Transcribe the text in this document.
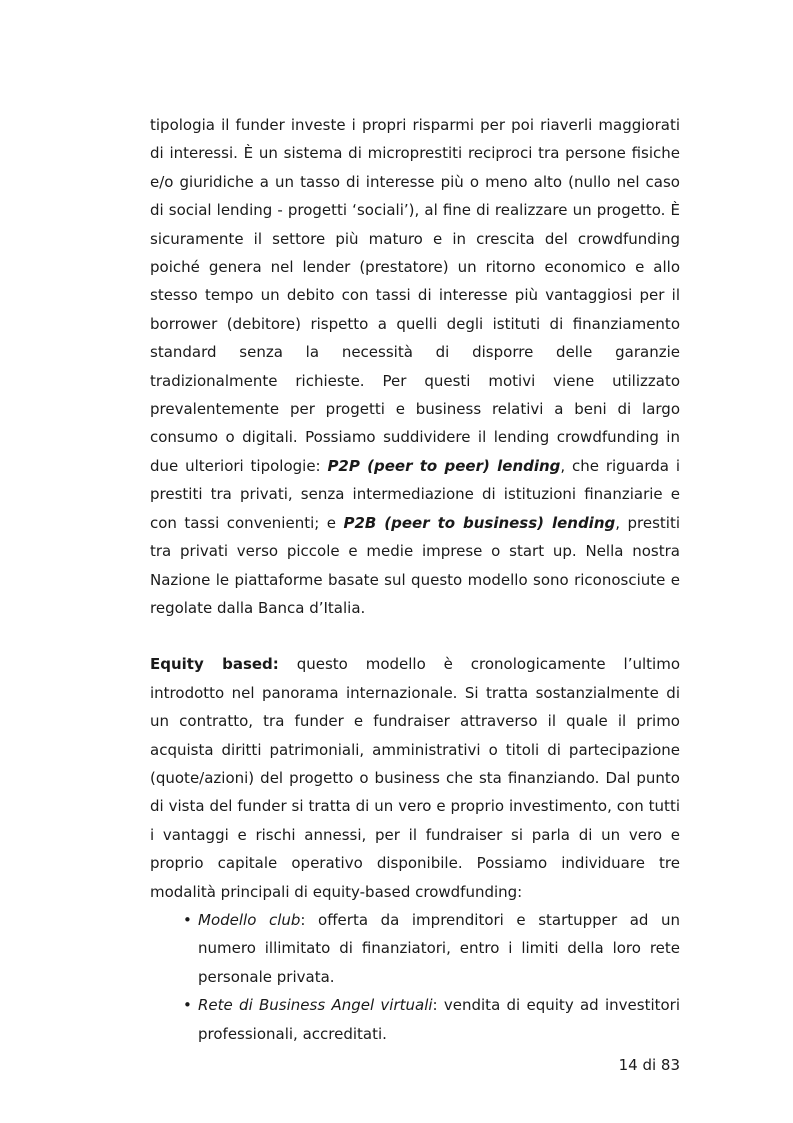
tipologia il funder investe i propri risparmi per poi riaverli maggiorati di interessi. È un sistema di microprestiti reciproci tra persone fisiche e/o giuridiche a un tasso di interesse più o meno alto (nullo nel caso di social lending - progetti ‘sociali’), al fine di realizzare un progetto. È sicuramente il settore più maturo e in crescita del crowdfunding poiché genera nel lender (prestatore) un ritorno economico e allo stesso tempo un debito con tassi di interesse più vantaggiosi per il borrower (debitore) rispetto a quelli degli istituti di finanziamento standard senza la necessità di disporre delle garanzie tradizionalmente richieste. Per questi motivi viene utilizzato prevalentemente per progetti e business relativi a beni di largo consumo o digitali. Possiamo suddividere il lending crowdfunding in due ulteriori tipologie: P2P (peer to peer) lending, che riguarda i prestiti tra privati, senza intermediazione di istituzioni finanziarie e con tassi convenienti; e P2B (peer to business) lending, prestiti tra privati verso piccole e medie imprese o start up. Nella nostra Nazione le piattaforme basate sul questo modello sono riconosciute e regolate dalla Banca d’Italia.

Equity based: questo modello è cronologicamente l’ultimo introdotto nel panorama internazionale. Si tratta sostanzialmente di un contratto, tra funder e fundraiser attraverso il quale il primo acquista diritti patrimoniali, amministrativi o titoli di partecipazione (quote/azioni) del progetto o business che sta finanziando. Dal punto di vista del funder si tratta di un vero e proprio investimento, con tutti i vantaggi e rischi annessi, per il fundraiser si parla di un vero e proprio capitale operativo disponibile. Possiamo individuare tre modalità principali di equity-based crowdfunding:

• Modello club: offerta da imprenditori e startupper ad un numero illimitato di finanziatori, entro i limiti della loro rete personale privata.
• Rete di Business Angel virtuali: vendita di equity ad investitori professionali, accreditati.
14 di 83
